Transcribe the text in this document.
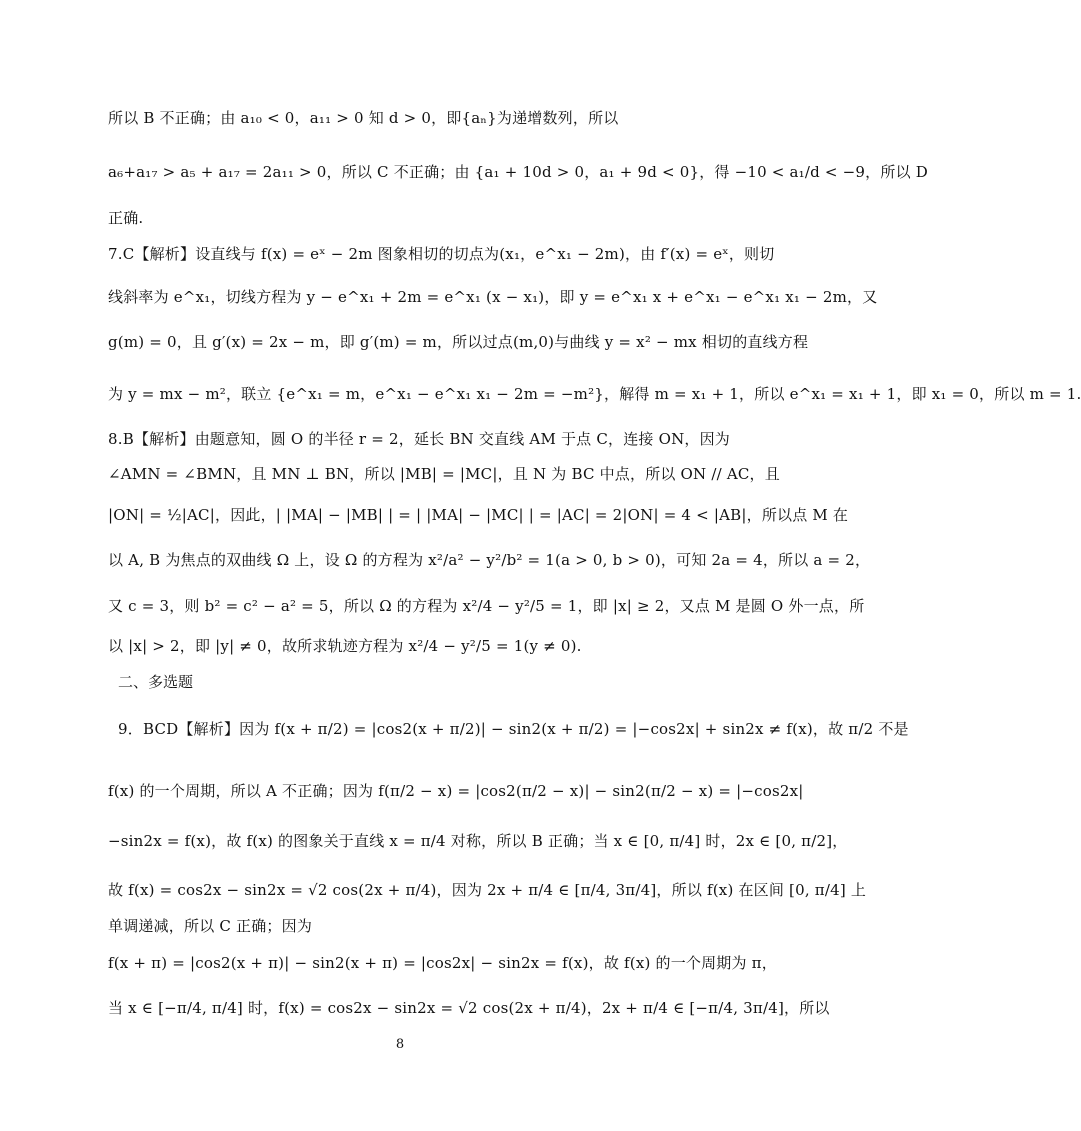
所以 B 不正确；由 a₁₀ < 0，a₁₁ > 0 知 d > 0，即{aₙ}为递增数列，所以
a₆+a₁₇ > a₅ + a₁₇ = 2a₁₁ > 0，所以 C 不正确；由 {a₁ + 10d > 0，a₁ + 9d < 0}，得 −10 < a₁/d < −9，所以 D
正确.
7.C【解析】设直线与 f(x) = eˣ − 2m 图象相切的切点为(x₁，e^x₁ − 2m)，由 f′(x) = eˣ，则切
线斜率为 e^x₁，切线方程为 y − e^x₁ + 2m = e^x₁ (x − x₁)，即 y = e^x₁ x + e^x₁ − e^x₁ x₁ − 2m，又
g(m) = 0，且 g′(x) = 2x − m，即 g′(m) = m，所以过点(m,0)与曲线 y = x² − mx 相切的直线方程
为 y = mx − m²，联立 {e^x₁ = m，e^x₁ − e^x₁ x₁ − 2m = −m²}，解得 m = x₁ + 1，所以 e^x₁ = x₁ + 1，即 x₁ = 0，所以 m = 1.
8.B【解析】由题意知，圆 O 的半径 r = 2，延长 BN 交直线 AM 于点 C，连接 ON，因为
∠AMN = ∠BMN，且 MN ⊥ BN，所以 |MB| = |MC|，且 N 为 BC 中点，所以 ON // AC，且
|ON| = ½|AC|，因此，| |MA| − |MB| | = | |MA| − |MC| | = |AC| = 2|ON| = 4 < |AB|，所以点 M 在
以 A, B 为焦点的双曲线 Ω 上，设 Ω 的方程为 x²/a² − y²/b² = 1(a > 0, b > 0)，可知 2a = 4，所以 a = 2，
又 c = 3，则 b² = c² − a² = 5，所以 Ω 的方程为 x²/4 − y²/5 = 1，即 |x| ≥ 2，又点 M 是圆 O 外一点，所
以 |x| > 2，即 |y| ≠ 0，故所求轨迹方程为 x²/4 − y²/5 = 1(y ≠ 0).
二、多选题
9．BCD【解析】因为 f(x + π/2) = |cos2(x + π/2)| − sin2(x + π/2) = |−cos2x| + sin2x ≠ f(x)，故 π/2 不是
f(x) 的一个周期，所以 A 不正确；因为 f(π/2 − x) = |cos2(π/2 − x)| − sin2(π/2 − x) = |−cos2x|
−sin2x = f(x)，故 f(x) 的图象关于直线 x = π/4 对称，所以 B 正确；当 x ∈ [0, π/4] 时，2x ∈ [0, π/2]，
故 f(x) = cos2x − sin2x = √2 cos(2x + π/4)，因为 2x + π/4 ∈ [π/4, 3π/4]，所以 f(x) 在区间 [0, π/4] 上
单调递减，所以 C 正确；因为
f(x + π) = |cos2(x + π)| − sin2(x + π) = |cos2x| − sin2x = f(x)，故 f(x) 的一个周期为 π，
当 x ∈ [−π/4, π/4] 时，f(x) = cos2x − sin2x = √2 cos(2x + π/4)，2x + π/4 ∈ [−π/4, 3π/4]，所以
8
